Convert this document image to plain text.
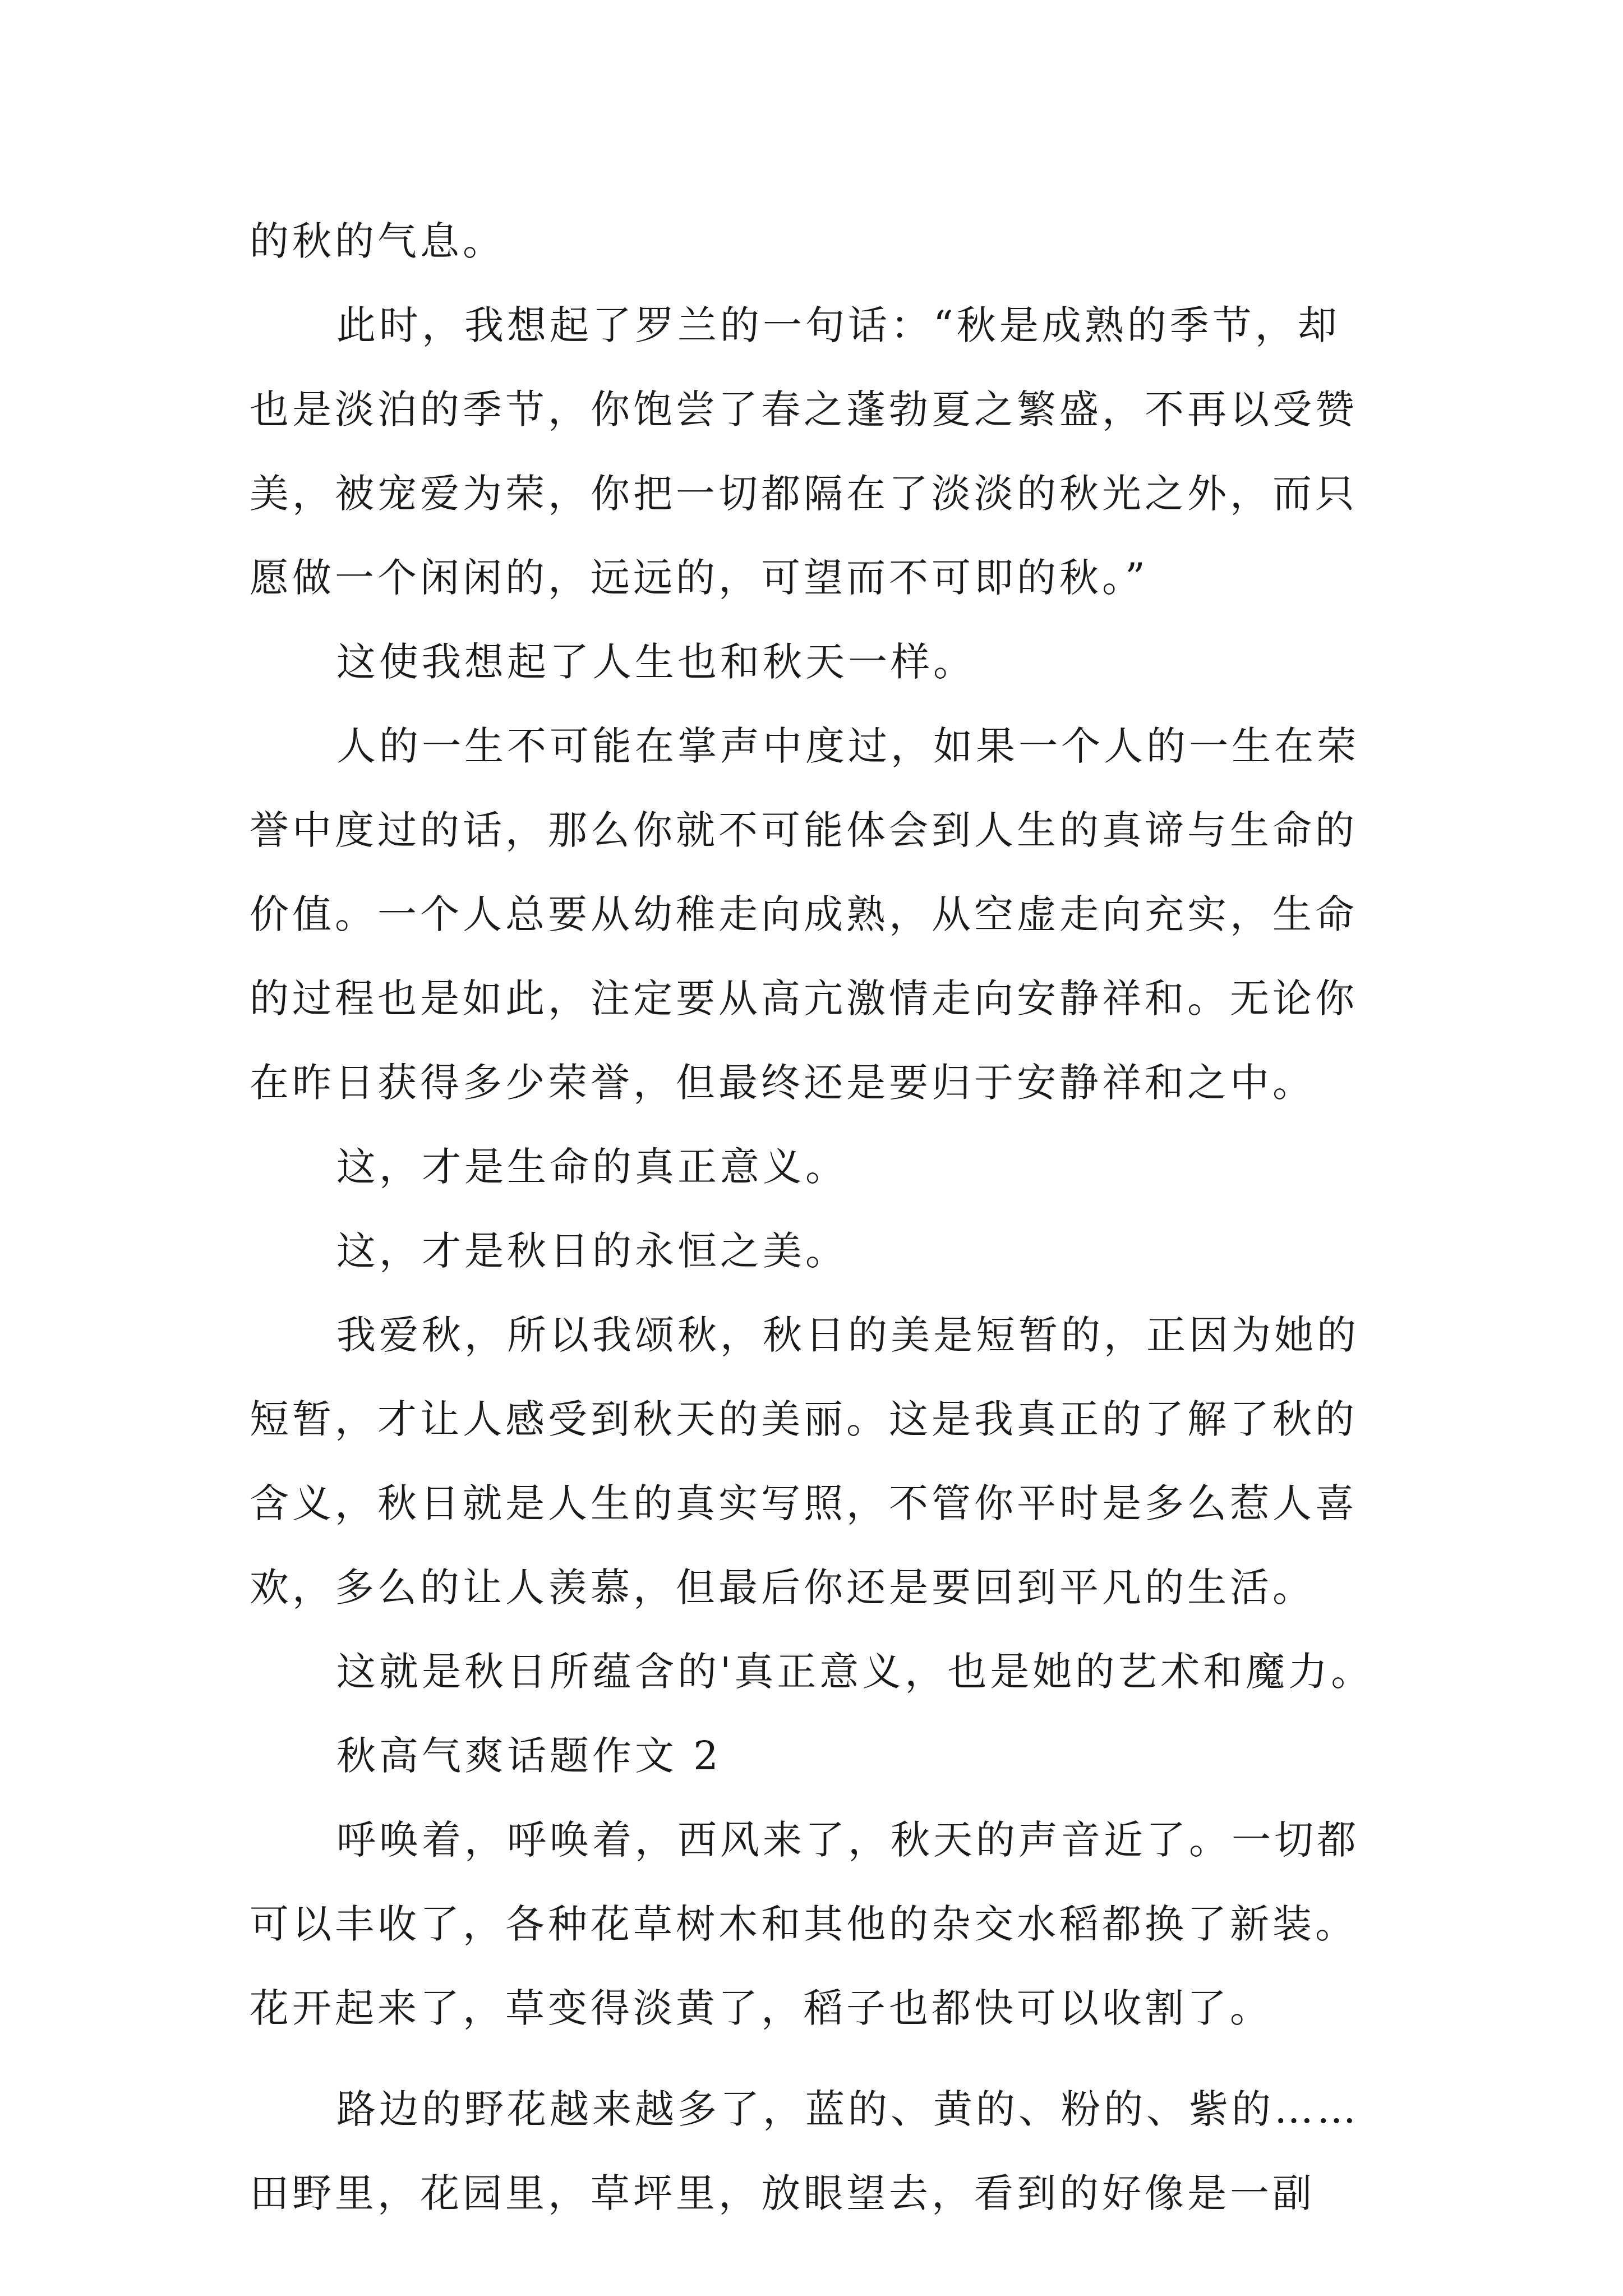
的秋的气息。
此时，我想起了罗兰的一句话：“秋是成熟的季节，却
也是淡泊的季节，你饱尝了春之蓬勃夏之繁盛，不再以受赞
美，被宠爱为荣，你把一切都隔在了淡淡的秋光之外，而只
愿做一个闲闲的，远远的，可望而不可即的秋。”
这使我想起了人生也和秋天一样。
人的一生不可能在掌声中度过，如果一个人的一生在荣
誉中度过的话，那么你就不可能体会到人生的真谛与生命的
价值。一个人总要从幼稚走向成熟，从空虚走向充实，生命
的过程也是如此，注定要从高亢激情走向安静祥和。无论你
在昨日获得多少荣誉，但最终还是要归于安静祥和之中。
这，才是生命的真正意义。
这，才是秋日的永恒之美。
我爱秋，所以我颂秋，秋日的美是短暂的，正因为她的
短暂，才让人感受到秋天的美丽。这是我真正的了解了秋的
含义，秋日就是人生的真实写照，不管你平时是多么惹人喜
欢，多么的让人羡慕，但最后你还是要回到平凡的生活。
这就是秋日所蕴含的'真正意义，也是她的艺术和魔力。
秋高气爽话题作文 2
呼唤着，呼唤着，西风来了，秋天的声音近了。一切都
可以丰收了，各种花草树木和其他的杂交水稻都换了新装。
花开起来了，草变得淡黄了，稻子也都快可以收割了。
路边的野花越来越多了，蓝的、黄的、粉的、紫的……
田野里，花园里，草坪里，放眼望去，看到的好像是一副
